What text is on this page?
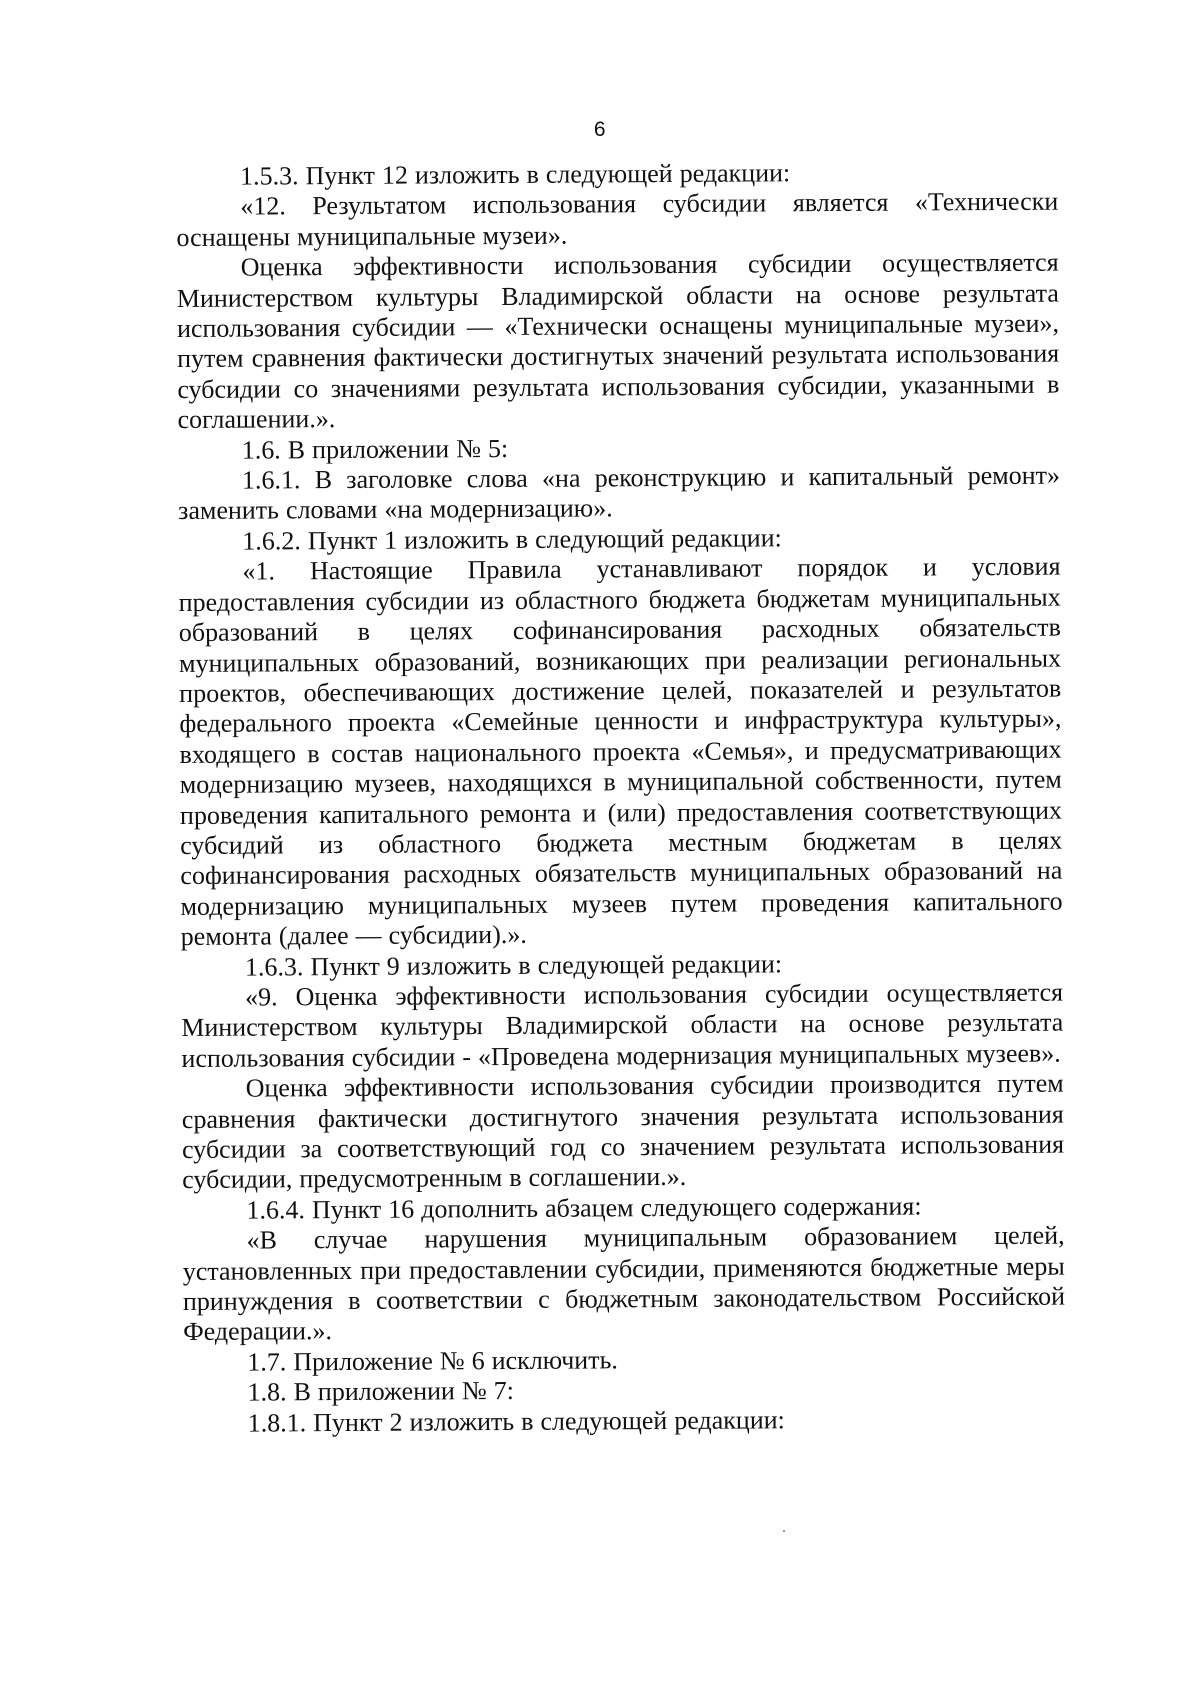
6

1.5.3. Пункт 12 изложить в следующей редакции:

«12. Результатом использования субсидии является «Технически оснащены муниципальные музеи».

Оценка эффективности использования субсидии осуществляется Министерством культуры Владимирской области на основе результата использования субсидии — «Технически оснащены муниципальные музеи», путем сравнения фактически достигнутых значений результата использования субсидии со значениями результата использования субсидии, указанными в соглашении.».

1.6. В приложении № 5:

1.6.1. В заголовке слова «на реконструкцию и капитальный ремонт» заменить словами «на модернизацию».

1.6.2. Пункт 1 изложить в следующий редакции:

«1. Настоящие Правила устанавливают порядок и условия предоставления субсидии из областного бюджета бюджетам муниципальных образований в целях софинансирования расходных обязательств муниципальных образований, возникающих при реализации региональных проектов, обеспечивающих достижение целей, показателей и результатов федерального проекта «Семейные ценности и инфраструктура культуры», входящего в состав национального проекта «Семья», и предусматривающих модернизацию музеев, находящихся в муниципальной собственности, путем проведения капитального ремонта и (или) предоставления соответствующих субсидий из областного бюджета местным бюджетам в целях софинансирования расходных обязательств муниципальных образований на модернизацию муниципальных музеев путем проведения капитального ремонта (далее — субсидии).».

1.6.3. Пункт 9 изложить в следующей редакции:

«9. Оценка эффективности использования субсидии осуществляется Министерством культуры Владимирской области на основе результата использования субсидии - «Проведена модернизация муниципальных музеев».

Оценка эффективности использования субсидии производится путем сравнения фактически достигнутого значения результата использования субсидии за соответствующий год со значением результата использования субсидии, предусмотренным в соглашении.».

1.6.4. Пункт 16 дополнить абзацем следующего содержания:

«В случае нарушения муниципальным образованием целей, установленных при предоставлении субсидии, применяются бюджетные меры принуждения в соответствии с бюджетным законодательством Российской Федерации.».

1.7. Приложение № 6 исключить.

1.8. В приложении № 7:

1.8.1. Пункт 2 изложить в следующей редакции:
